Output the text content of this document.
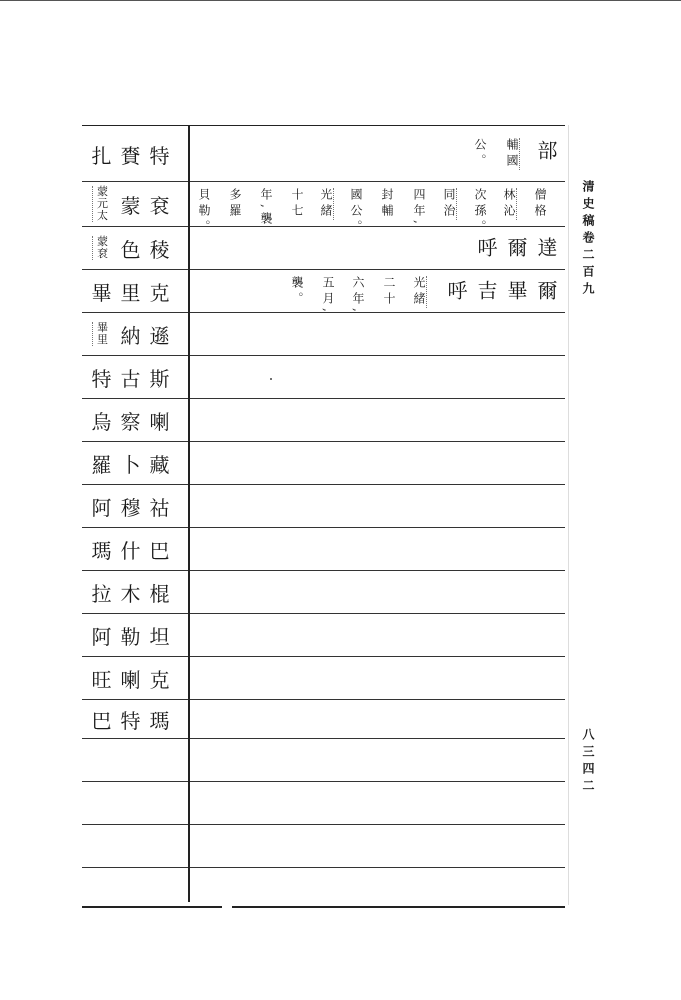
扎賚特
蒙元太 蒙袞
蒙袞 色稜
畢里克
畢里 納遜
特古斯
烏察喇
羅卜藏
阿穆祜
瑪什巴
拉木棍
阿勒坦
旺喇克
巴特瑪
部
輔國
公。
僧格
林沁
次孫。
同治
四年,
封輔
國公。
光緒
十七
年,襲
多羅
貝勒。
達
爾
呼
爾
畢
吉
呼
光緒
二十
六年,
五月,
襲。	清史稿卷二百九
八三四二
